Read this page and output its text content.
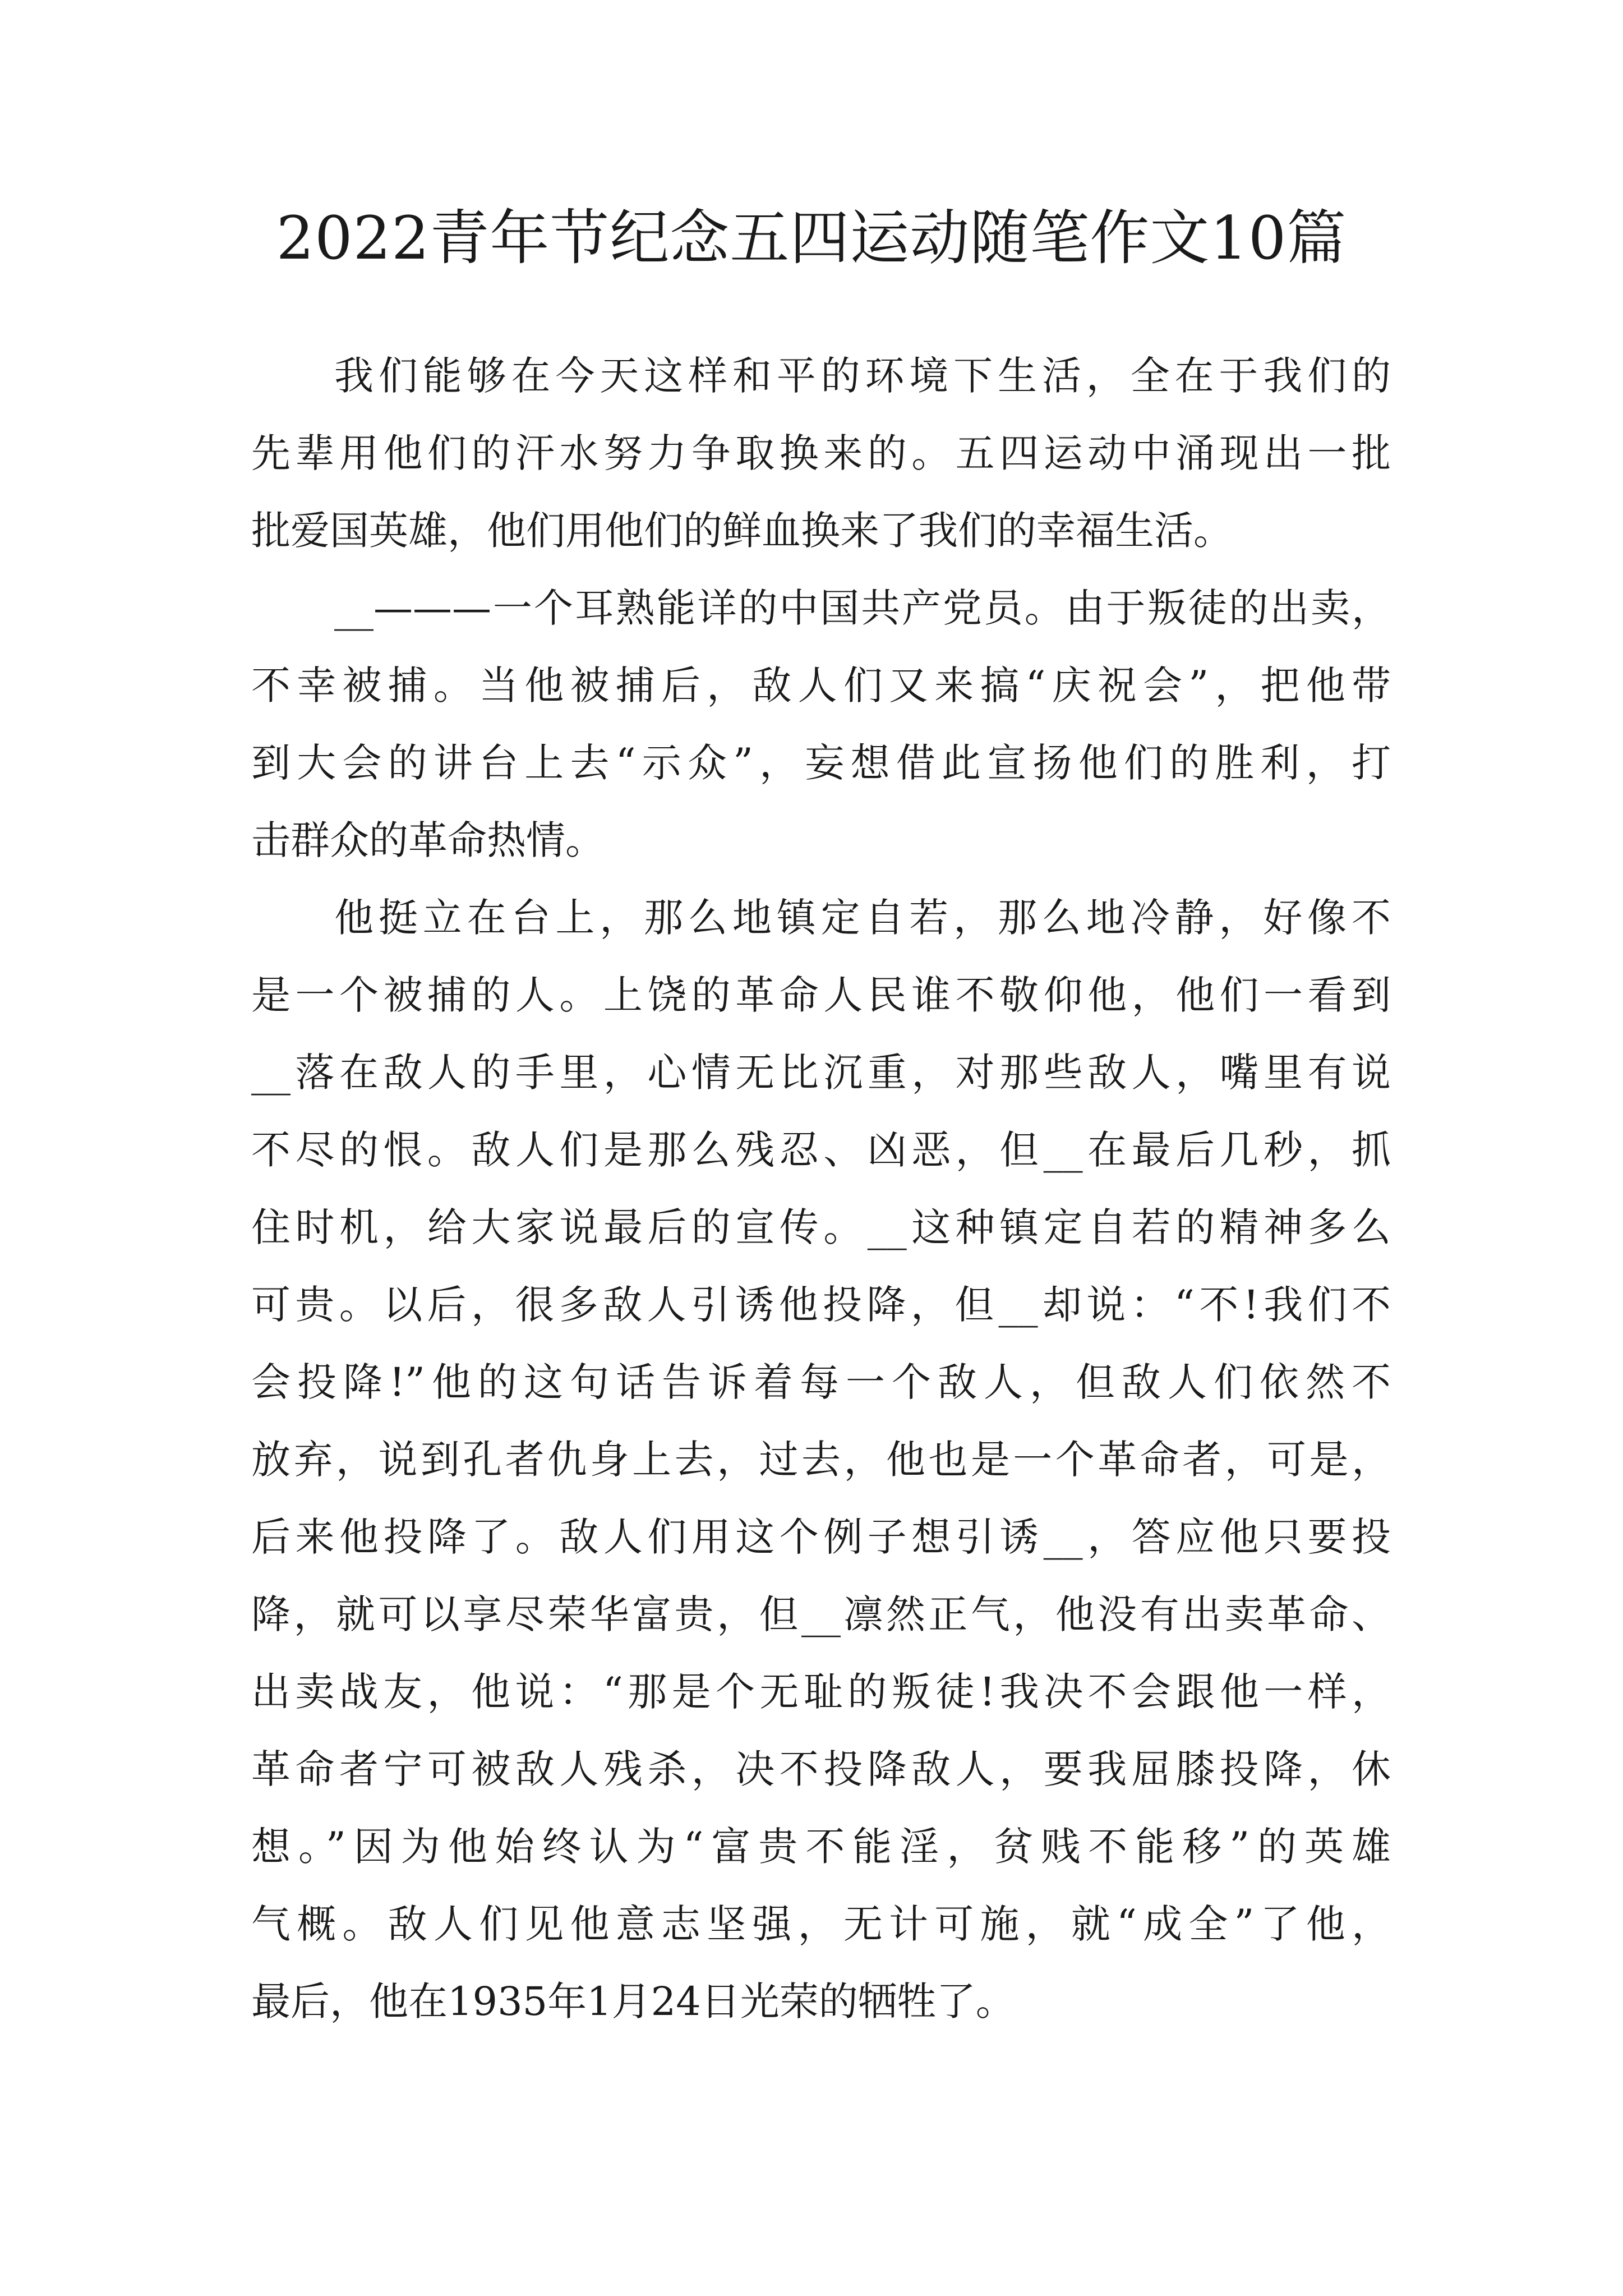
2022青年节纪念五四运动随笔作文10篇
我们能够在今天这样和平的环境下生活，全在于我们的
先辈用他们的汗水努力争取换来的。五四运动中涌现出一批
批爱国英雄，他们用他们的鲜血换来了我们的幸福生活。
__———一个耳熟能详的中国共产党员。由于叛徒的出卖，
不幸被捕。当他被捕后，敌人们又来搞“庆祝会”，把他带
到大会的讲台上去“示众”，妄想借此宣扬他们的胜利，打
击群众的革命热情。
他挺立在台上，那么地镇定自若，那么地冷静，好像不
是一个被捕的人。上饶的革命人民谁不敬仰他，他们一看到
__落在敌人的手里，心情无比沉重，对那些敌人，嘴里有说
不尽的恨。敌人们是那么残忍、凶恶，但__在最后几秒，抓
住时机，给大家说最后的宣传。__这种镇定自若的精神多么
可贵。以后，很多敌人引诱他投降，但__却说：“不!我们不
会投降!”他的这句话告诉着每一个敌人，但敌人们依然不
放弃，说到孔者仇身上去，过去，他也是一个革命者，可是，
后来他投降了。敌人们用这个例子想引诱__，答应他只要投
降，就可以享尽荣华富贵，但__凛然正气，他没有出卖革命、
出卖战友，他说：“那是个无耻的叛徒!我决不会跟他一样，
革命者宁可被敌人残杀，决不投降敌人，要我屈膝投降，休
想。”因为他始终认为“富贵不能淫，贫贱不能移”的英雄
气概。敌人们见他意志坚强，无计可施，就“成全”了他，
最后，他在1935年1月24日光荣的牺牲了。
